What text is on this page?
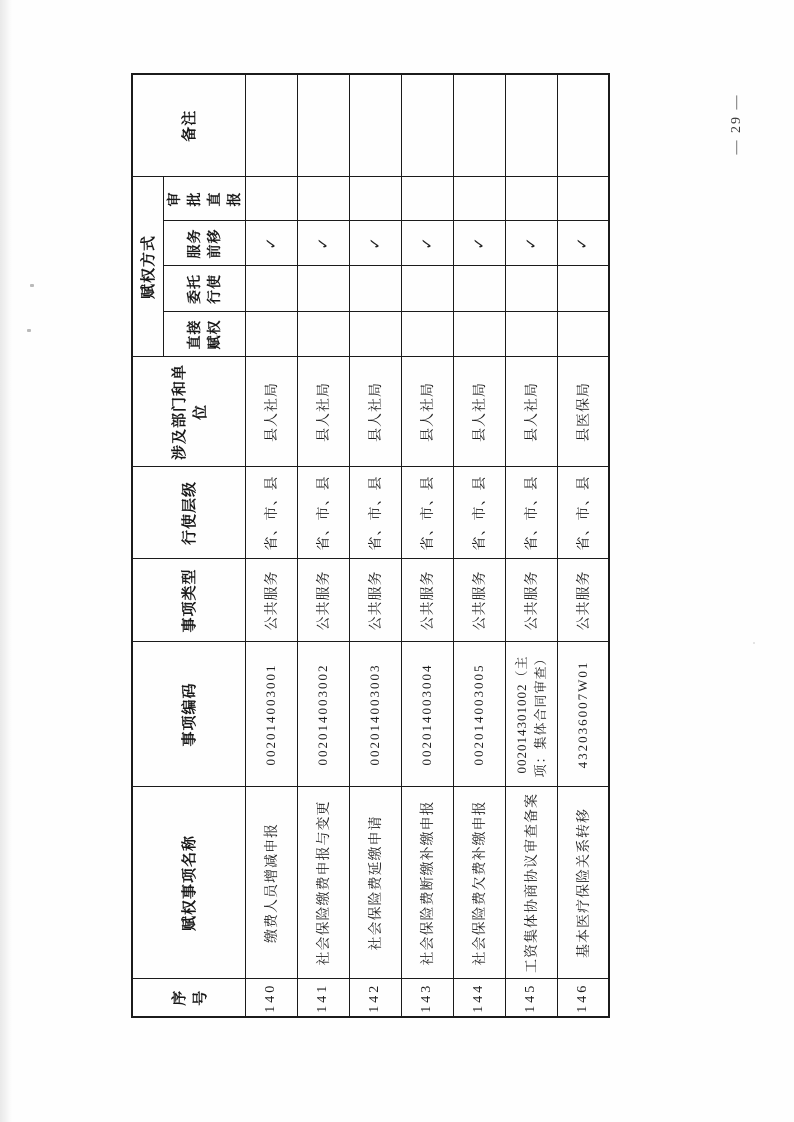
序号	赋权事项名称	事项编码	事项类型	行使层级	涉及部门和单位	赋权方式				备注
						直接赋权	委托行使	服务前移	审批直报	
140	缴费人员增减申报	002014003001	公共服务	省、市、县	县人社局			✓		
141	社会保险缴费申报与变更	002014003002	公共服务	省、市、县	县人社局			✓		
142	社会保险费延缴申请	002014003003	公共服务	省、市、县	县人社局			✓		
143	社会保险费断缴补缴申报	002014003004	公共服务	省、市、县	县人社局			✓		
144	社会保险费欠费补缴申报	002014003005	公共服务	省、市、县	县人社局			✓		
145	工资集体协商协议审查备案	002014301002（主项：集体合同审查）	公共服务	省、市、县	县人社局			✓		
146	基本医疗保险关系转移	432036007W01	公共服务	省、市、县	县医保局			✓		
— 29 —
